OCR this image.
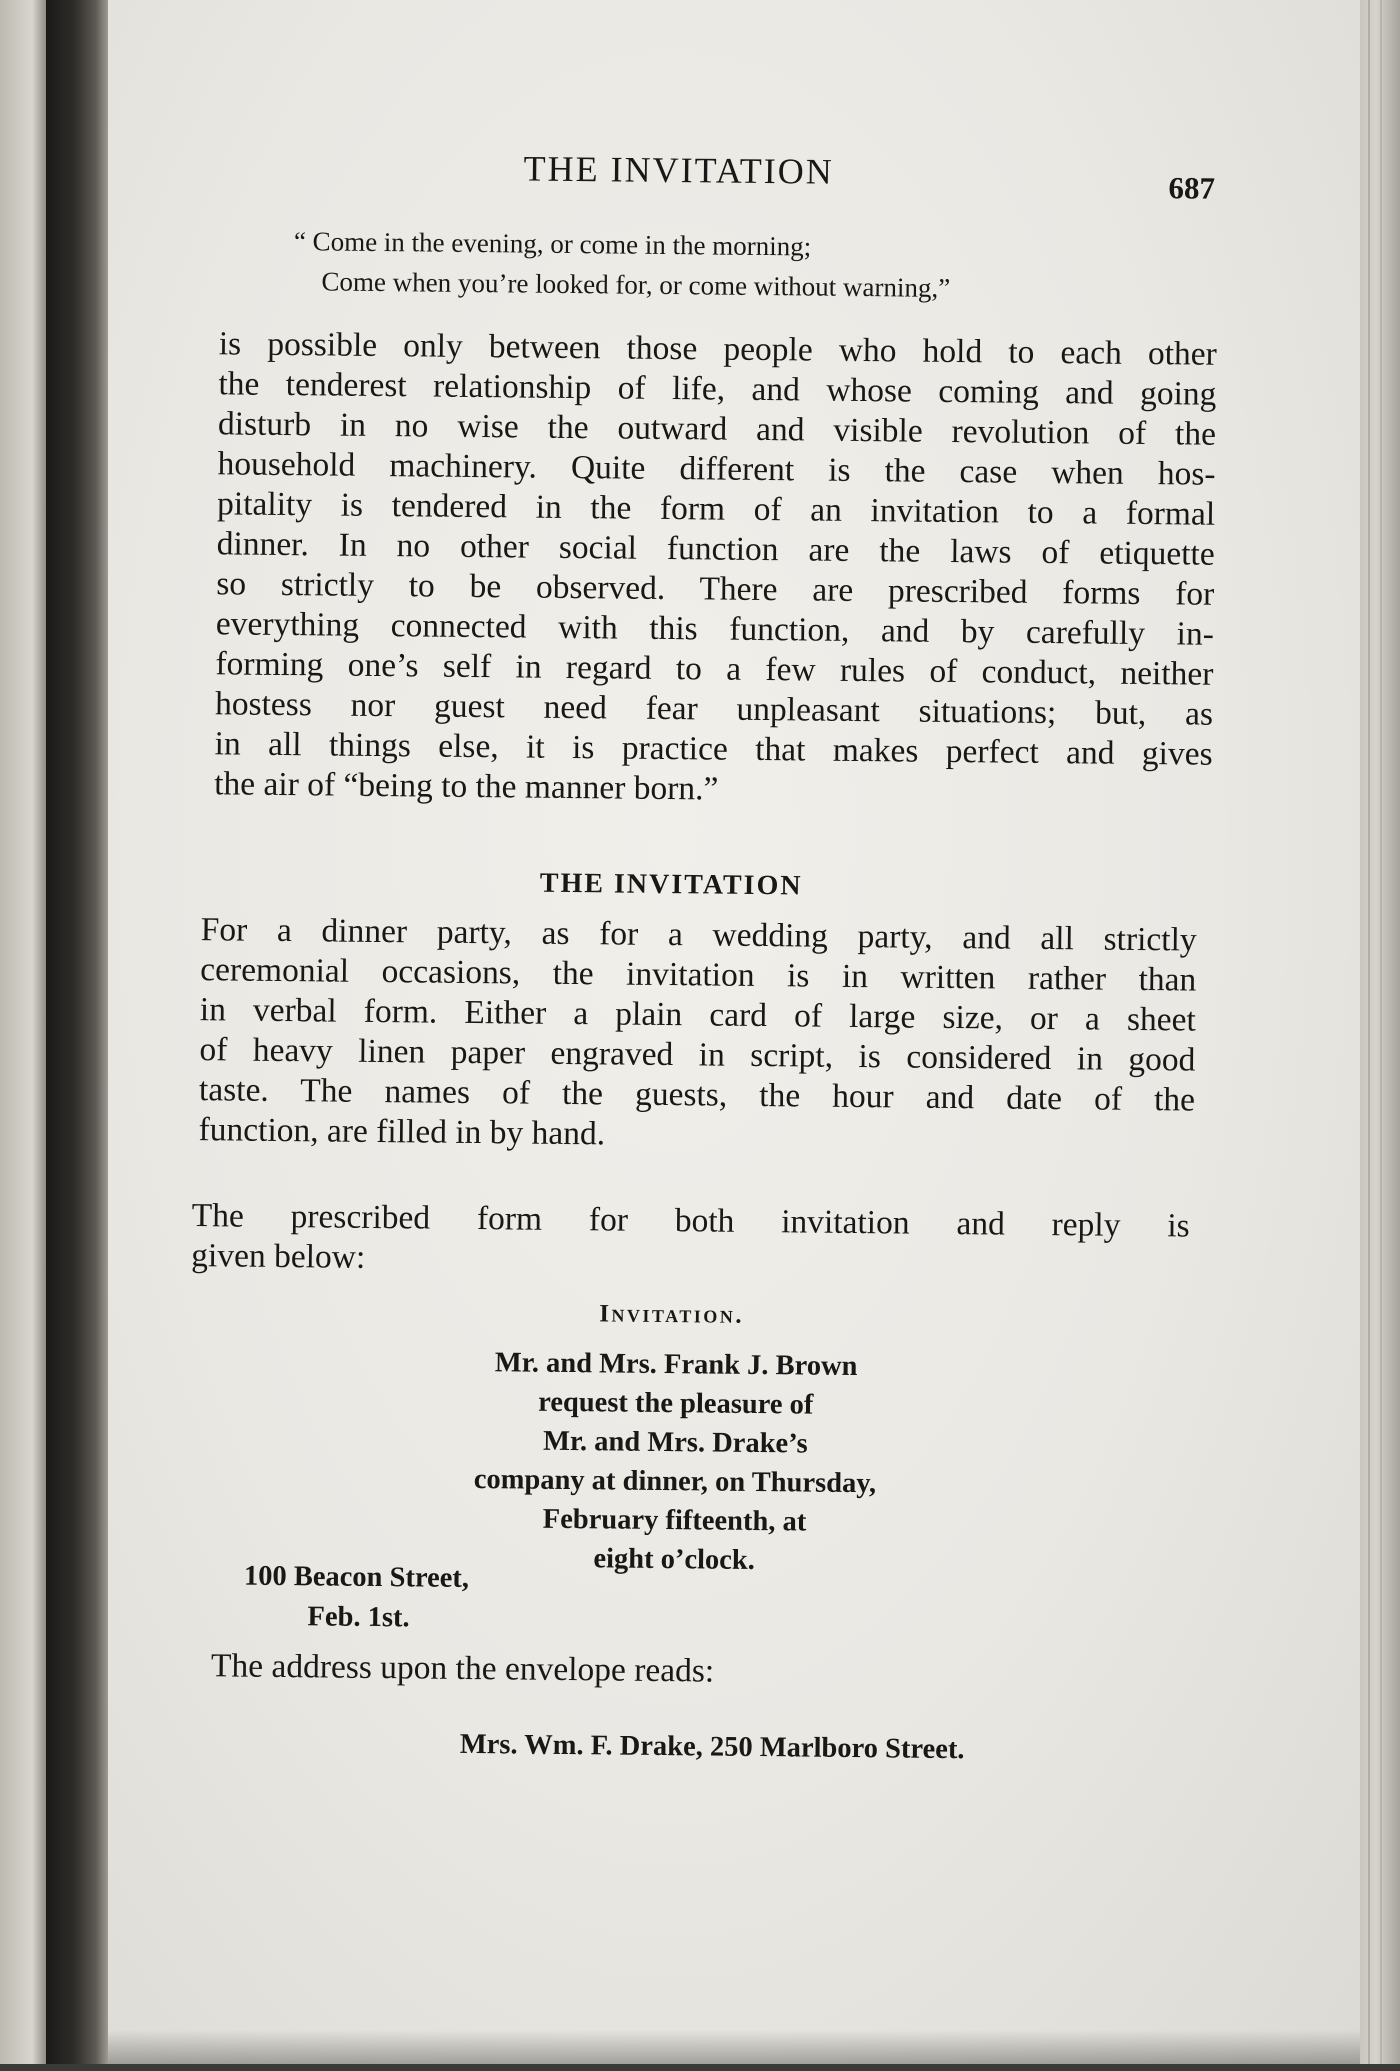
THE INVITATION	687
“ Come in the evening, or come in the morning;
Come when you’re looked for, or come without warning,”
is possible only between those people who hold to each other
the tenderest relationship of life, and whose coming and going
disturb in no wise the outward and visible revolution of the
household machinery. Quite different is the case when hos-
pitality is tendered in the form of an invitation to a formal
dinner. In no other social function are the laws of etiquette
so strictly to be observed. There are prescribed forms for
everything connected with this function, and by carefully in-
forming one’s self in regard to a few rules of conduct, neither
hostess nor guest need fear unpleasant situations; but, as
in all things else, it is practice that makes perfect and gives
the air of “being to the manner born.”
THE INVITATION
For a dinner party, as for a wedding party, and all strictly
ceremonial occasions, the invitation is in written rather than
in verbal form. Either a plain card of large size, or a sheet
of heavy linen paper engraved in script, is considered in good
taste. The names of the guests, the hour and date of the
function, are filled in by hand.
The prescribed form for both invitation and reply is
given below:
Invitation.
Mr. and Mrs. Frank J. Brown
request the pleasure of
Mr. and Mrs. Drake’s
company at dinner, on Thursday,
February fifteenth, at
eight o’clock.
100 Beacon Street,
Feb. 1st.
The address upon the envelope reads:
Mrs. Wm. F. Drake, 250 Marlboro Street.
